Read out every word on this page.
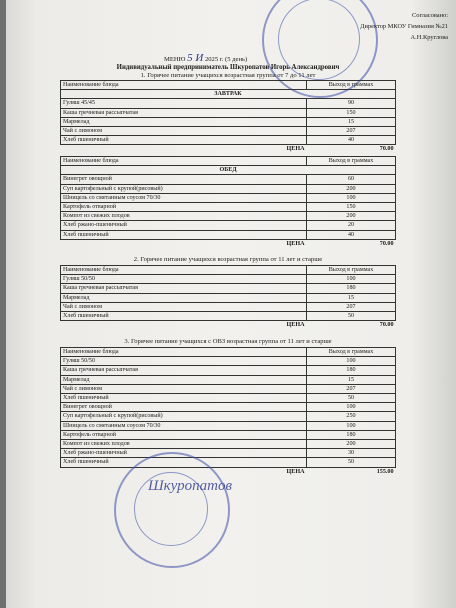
Согласовано:
Директор МКОУ Гимназия №21
А.Н.Круглова
МЕНЮ 5 И 2025 г. (5 день)
Индивидуальный предприниматель Шкуропатов Игорь Александрович
1. Горячее питание учащихся возрастная группа от 7 до 11 лет
Наименование блюда	Выход в граммах
ЗАВТРАК	
Гуляш 45/45	90
Каша гречневая рассыпчатая	150
Мармелад	15
Чай с лимоном	207
Хлеб пшеничный	40
ЦЕНА	70.00
Наименование блюда	Выход в граммах
ОБЕД	
Винегрет овощной	60
Суп картофельный с крупой(рисовый)	200
Шницель со сметанным соусом 70/30	100
Картофель отварной	150
Компот из свежих плодов	200
Хлеб ржано-пшеничный	20
Хлеб пшеничный	40
ЦЕНА	70.00
2. Горячее питание учащихся возрастная группа от 11 лет и старше
Наименование блюда	Выход в граммах
Гуляш 50/50	100
Каша гречневая рассыпчатая	180
Мармелад	15
Чай с лимоном	207
Хлеб пшеничный	50
ЦЕНА	70.00
3. Горячее питание учащихся с ОВЗ возрастная группа от 11 лет и старше
Наименование блюда	Выход в граммах
Гуляш 50/50	100
Каша гречневая рассыпчатая	180
Мармелад	15
Чай с лимоном	207
Хлеб пшеничный	50
Винегрет овощной	100
Суп картофельный с крупой(рисовый)	250
Шницель со сметанным соусом 70/30	100
Картофель отварной	180
Компот из свежих плодов	200
Хлеб ржано-пшеничный	30
Хлеб пшеничный	50
ЦЕНА	155.00
Шкуропатов
